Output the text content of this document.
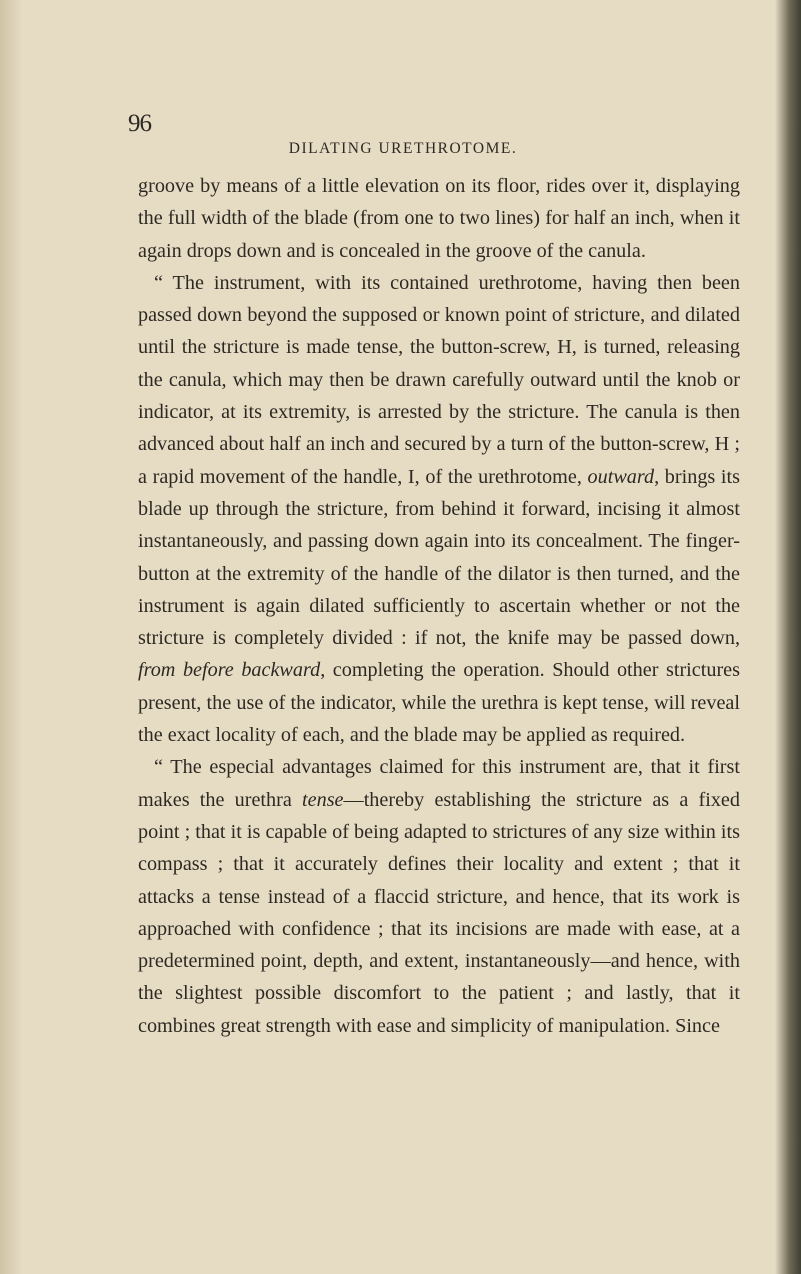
96
DILATING URETHROTOME.

groove by means of a little elevation on its floor, rides over it, displaying the full width of the blade (from one to two lines) for half an inch, when it again drops down and is concealed in the groove of the canula.

“ The instrument, with its contained urethrotome, having then been passed down beyond the supposed or known point of stricture, and dilated until the stricture is made tense, the button-screw, H, is turned, releasing the canula, which may then be drawn carefully outward until the knob or indicator, at its extremity, is arrested by the stricture. The canula is then advanced about half an inch and secured by a turn of the button-screw, H ; a rapid movement of the handle, I, of the urethrotome, outward, brings its blade up through the stricture, from behind it forward, incising it almost instantaneously, and passing down again into its concealment. The finger-button at the extremity of the handle of the dilator is then turned, and the instrument is again dilated sufficiently to ascertain whether or not the stricture is completely divided : if not, the knife may be passed down, from before backward, completing the operation. Should other strictures present, the use of the indicator, while the urethra is kept tense, will reveal the exact locality of each, and the blade may be applied as required.

“ The especial advantages claimed for this instrument are, that it first makes the urethra tense—thereby establishing the stricture as a fixed point ; that it is capable of being adapted to strictures of any size within its compass ; that it accurately defines their locality and extent ; that it attacks a tense instead of a flaccid stricture, and hence, that its work is approached with confidence ; that its incisions are made with ease, at a predetermined point, depth, and extent, instantaneously—and hence, with the slightest possible discomfort to the patient ; and lastly, that it combines great strength with ease and simplicity of manipulation. Since
